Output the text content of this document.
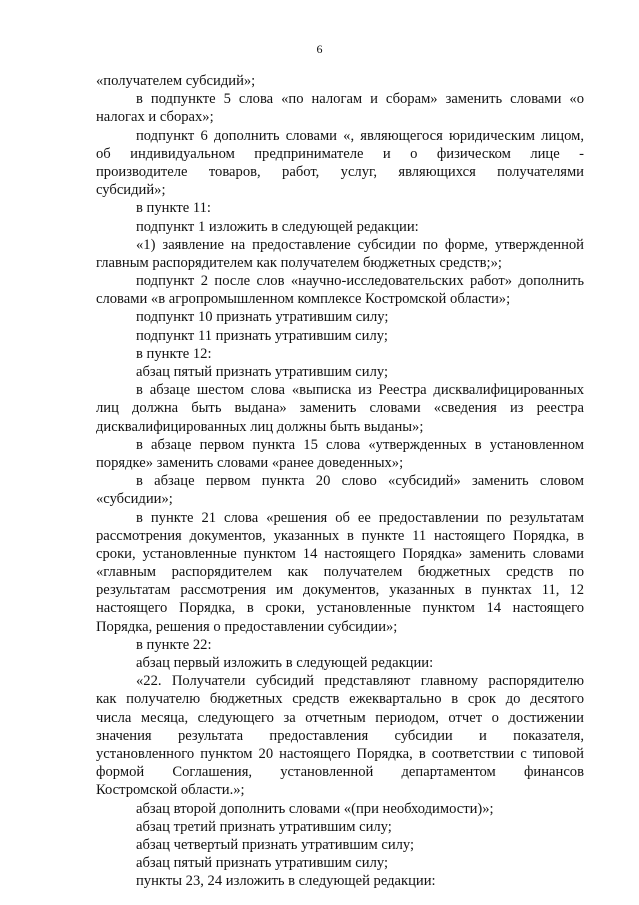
6
«получателем субсидий»;
в подпункте 5 слова «по налогам и сборам» заменить словами «о
налогах и сборах»;
подпункт 6 дополнить словами «, являющегося юридическим лицом,
об индивидуальном предпринимателе и о физическом лице -
производителе товаров, работ, услуг, являющихся получателями
субсидий»;
в пункте 11:
подпункт 1 изложить в следующей редакции:
«1) заявление на предоставление субсидии по форме, утвержденной
главным распорядителем как получателем бюджетных средств;»;
подпункт 2 после слов «научно-исследовательских работ» дополнить
словами «в агропромышленном комплексе Костромской области»;
подпункт 10 признать утратившим силу;
подпункт 11 признать утратившим силу;
в пункте 12:
абзац пятый признать утратившим силу;
в абзаце шестом слова «выписка из Реестра дисквалифицированных
лиц должна быть выдана» заменить словами «сведения из реестра
дисквалифицированных лиц должны быть выданы»;
в абзаце первом пункта 15 слова «утвержденных в установленном
порядке» заменить словами «ранее доведенных»;
в абзаце первом пункта 20 слово «субсидий» заменить словом
«субсидии»;
в пункте 21 слова «решения об ее предоставлении по результатам
рассмотрения документов, указанных в пункте 11 настоящего Порядка, в
сроки, установленные пунктом 14 настоящего Порядка» заменить словами
«главным распорядителем как получателем бюджетных средств по
результатам рассмотрения им документов, указанных в пунктах 11, 12
настоящего Порядка, в сроки, установленные пунктом 14 настоящего
Порядка, решения о предоставлении субсидии»;
в пункте 22:
абзац первый изложить в следующей редакции:
«22. Получатели субсидий представляют главному распорядителю
как получателю бюджетных средств ежеквартально в срок до десятого
числа месяца, следующего за отчетным периодом, отчет о достижении
значения результата предоставления субсидии и показателя,
установленного пунктом 20 настоящего Порядка, в соответствии с типовой
формой Соглашения, установленной департаментом финансов
Костромской области.»;
абзац второй дополнить словами «(при необходимости)»;
абзац третий признать утратившим силу;
абзац четвертый признать утратившим силу;
абзац пятый признать утратившим силу;
пункты 23, 24 изложить в следующей редакции:
